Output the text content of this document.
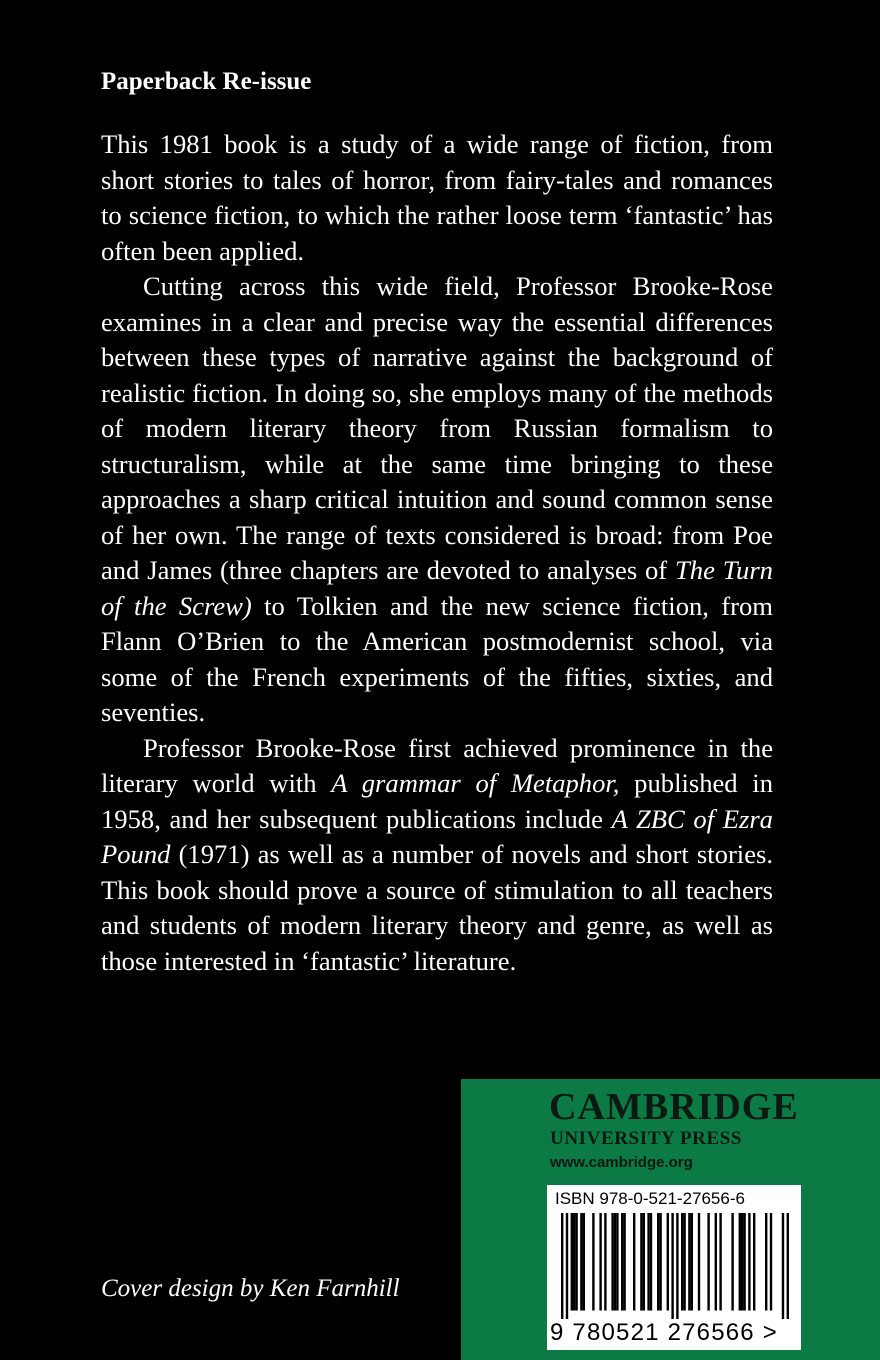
Paperback Re-issue

This 1981 book is a study of a wide range of fiction, from short stories to tales of horror, from fairy-tales and romances to science fiction, to which the rather loose term ‘fantastic’ has often been applied.

Cutting across this wide field, Professor Brooke-Rose examines in a clear and precise way the essential differences between these types of narrative against the background of realistic fiction. In doing so, she employs many of the methods of modern literary theory from Russian formalism to structuralism, while at the same time bringing to these approaches a sharp critical intuition and sound common sense of her own. The range of texts considered is broad: from Poe and James (three chapters are devoted to analyses of The Turn of the Screw) to Tolkien and the new science fiction, from Flann O’Brien to the American postmodernist school, via some of the French experiments of the fifties, sixties, and seventies.

Professor Brooke-Rose first achieved prominence in the literary world with A grammar of Metaphor, published in 1958, and her subsequent publications include A ZBC of Ezra Pound (1971) as well as a number of novels and short stories. This book should prove a source of stimulation to all teachers and students of modern literary theory and genre, as well as those interested in ‘fantastic’ literature.

Cover design by Ken Farnhill

CAMBRIDGE

UNIVERSITY PRESS

www.cambridge.org

ISBN 978-0-521-27656-6

9 780521 276566 >
